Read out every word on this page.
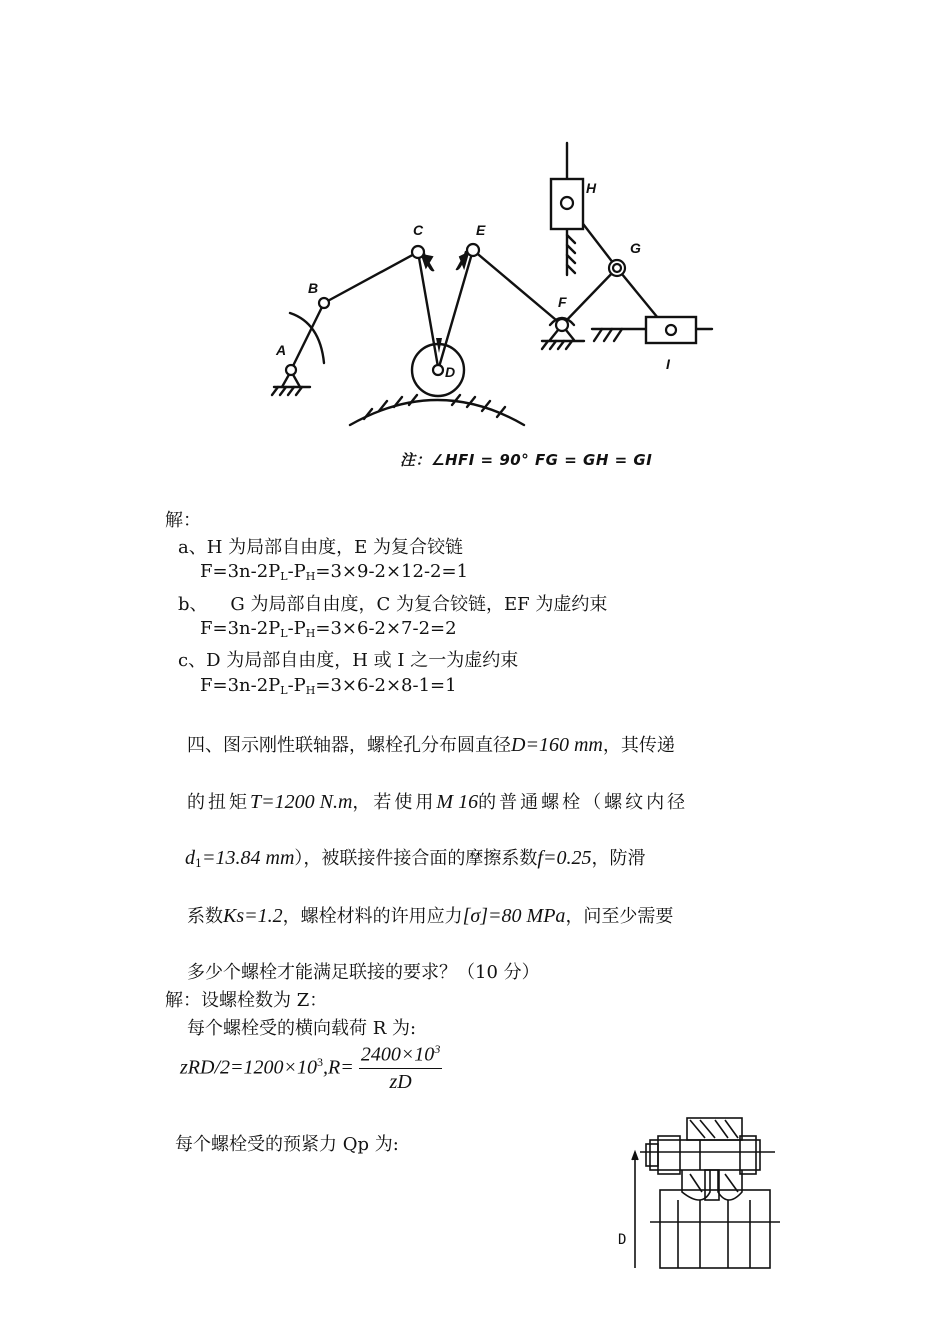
A
B
C
D
E
F
G
H
I
注：∠HFI = 90° FG = GH = GI
解：
a、H 为局部自由度，E 为复合铰链
$F=3n-2P_L-P_H=3\times 9-2\times 12-2=1$
b、    G 为局部自由度，C 为复合铰链，EF 为虚约束
$F=3n-2P_L-P_H=3\times 6-2\times 7-2=2$
c、D 为局部自由度，H 或 I 之一为虚约束
$F=3n-2P_L-P_H=3\times 6-2\times 8-1=1$
四、图示刚性联轴器，螺栓孔分布圆直径D=160 mm，其传递
的扭矩T=1200 N.m，若使用M 16的普通螺栓（螺纹内径
$d_1=13.84$ mm），被联接件接合面的摩擦系数f=0.25，防滑
系数Ks=1.2，螺栓材料的许用应力[σ]=80 MPa，问至少需要
多少个螺栓才能满足联接的要求？（10 分）
解：设螺栓数为 Z：
每个螺栓受的横向载荷 R 为:
zRD/$2=1200\times 10^3,R= \frac{2400\times 10^3}{zD}$
每个螺栓受的预紧力 Qp 为:
D
